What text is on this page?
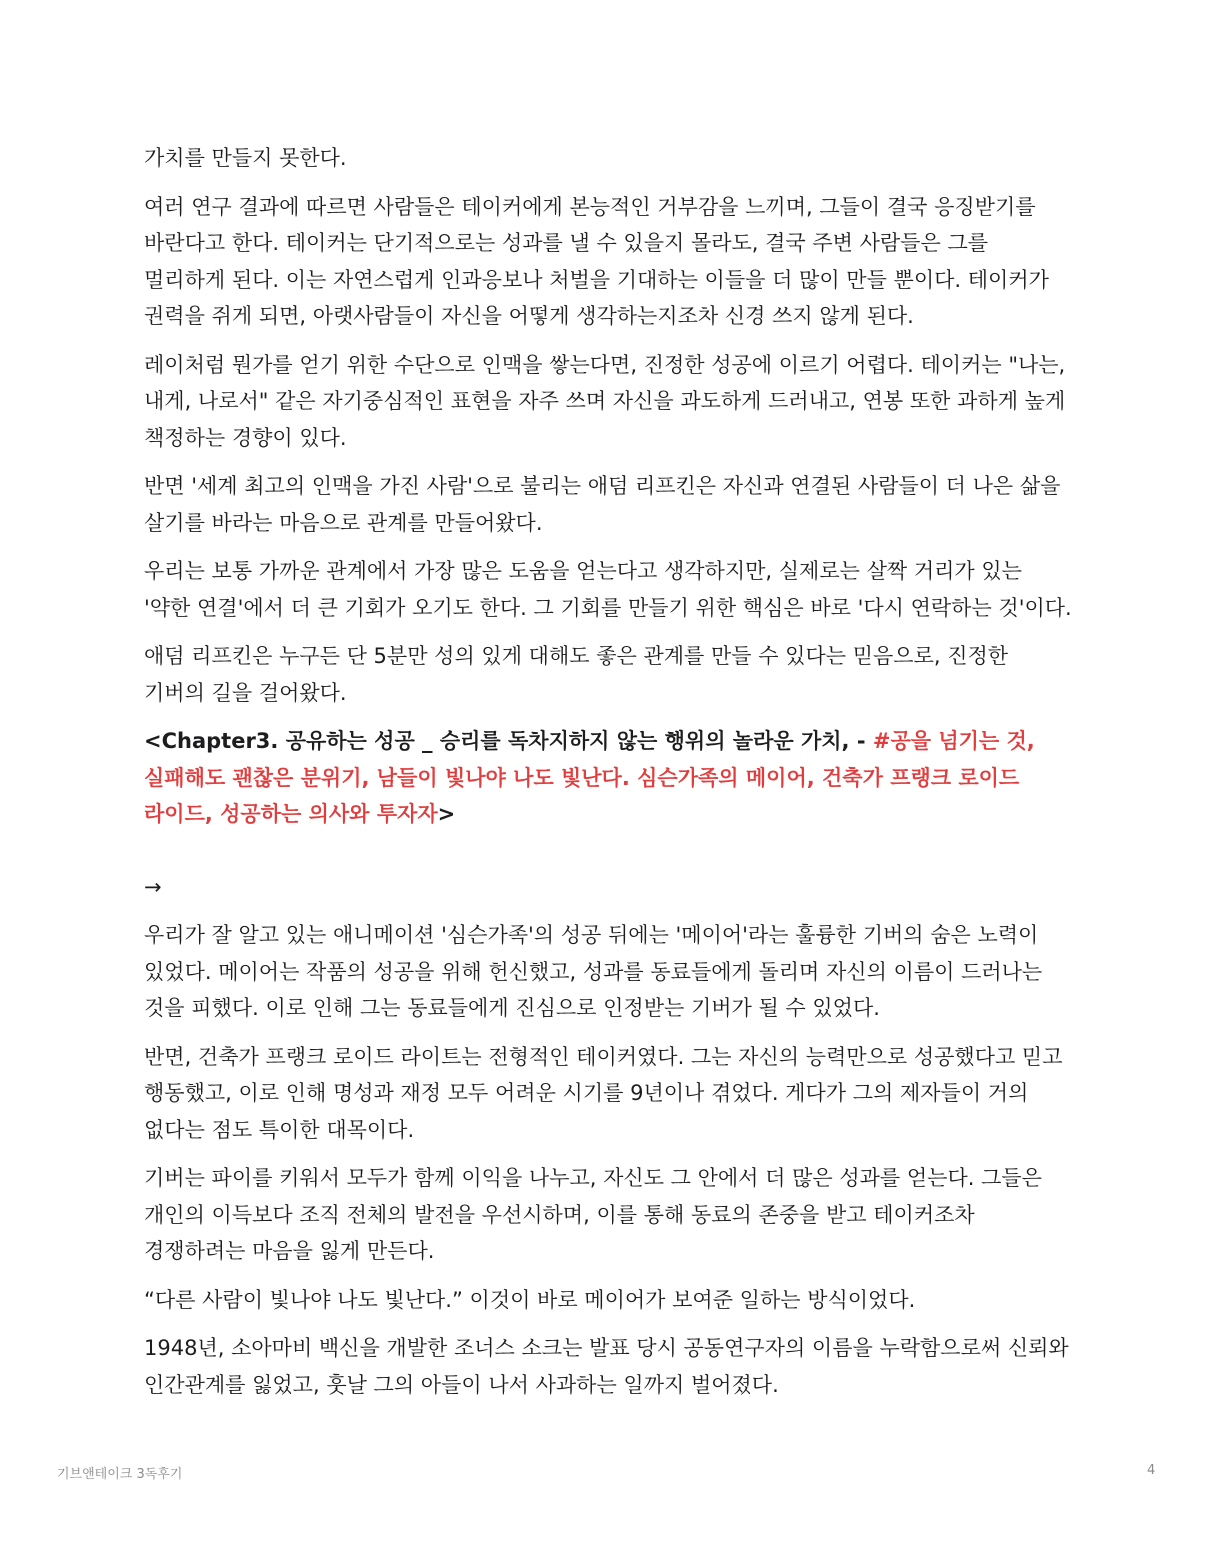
가치를 만들지 못한다.

여러 연구 결과에 따르면 사람들은 테이커에게 본능적인 거부감을 느끼며, 그들이 결국 응징받기를 바란다고 한다. 테이커는 단기적으로는 성과를 낼 수 있을지 몰라도, 결국 주변 사람들은 그를 멀리하게 된다. 이는 자연스럽게 인과응보나 처벌을 기대하는 이들을 더 많이 만들 뿐이다. 테이커가 권력을 쥐게 되면, 아랫사람들이 자신을 어떻게 생각하는지조차 신경 쓰지 않게 된다.

레이처럼 뭔가를 얻기 위한 수단으로 인맥을 쌓는다면, 진정한 성공에 이르기 어렵다. 테이커는 "나는, 내게, 나로서" 같은 자기중심적인 표현을 자주 쓰며 자신을 과도하게 드러내고, 연봉 또한 과하게 높게 책정하는 경향이 있다.

반면 '세계 최고의 인맥을 가진 사람'으로 불리는 애덤 리프킨은 자신과 연결된 사람들이 더 나은 삶을 살기를 바라는 마음으로 관계를 만들어왔다.

우리는 보통 가까운 관계에서 가장 많은 도움을 얻는다고 생각하지만, 실제로는 살짝 거리가 있는 '약한 연결'에서 더 큰 기회가 오기도 한다. 그 기회를 만들기 위한 핵심은 바로 '다시 연락하는 것'이다.

애덤 리프킨은 누구든 단 5분만 성의 있게 대해도 좋은 관계를 만들 수 있다는 믿음으로, 진정한 기버의 길을 걸어왔다.

<Chapter3. 공유하는 성공 _ 승리를 독차지하지 않는 행위의 놀라운 가치, - #공을 넘기는 것, 실패해도 괜찮은 분위기, 남들이 빛나야 나도 빛난다. 심슨가족의 메이어, 건축가 프랭크 로이드 라이드, 성공하는 의사와 투자자>

→

우리가 잘 알고 있는 애니메이션 '심슨가족'의 성공 뒤에는 '메이어'라는 훌륭한 기버의 숨은 노력이 있었다. 메이어는 작품의 성공을 위해 헌신했고, 성과를 동료들에게 돌리며 자신의 이름이 드러나는 것을 피했다. 이로 인해 그는 동료들에게 진심으로 인정받는 기버가 될 수 있었다.

반면, 건축가 프랭크 로이드 라이트는 전형적인 테이커였다. 그는 자신의 능력만으로 성공했다고 믿고 행동했고, 이로 인해 명성과 재정 모두 어려운 시기를 9년이나 겪었다. 게다가 그의 제자들이 거의 없다는 점도 특이한 대목이다.

기버는 파이를 키워서 모두가 함께 이익을 나누고, 자신도 그 안에서 더 많은 성과를 얻는다. 그들은 개인의 이득보다 조직 전체의 발전을 우선시하며, 이를 통해 동료의 존중을 받고 테이커조차 경쟁하려는 마음을 잃게 만든다.

“다른 사람이 빛나야 나도 빛난다.” 이것이 바로 메이어가 보여준 일하는 방식이었다.

1948년, 소아마비 백신을 개발한 조너스 소크는 발표 당시 공동연구자의 이름을 누락함으로써 신뢰와 인간관계를 잃었고, 훗날 그의 아들이 나서 사과하는 일까지 벌어졌다.

기브앤테이크 3독후기	4
